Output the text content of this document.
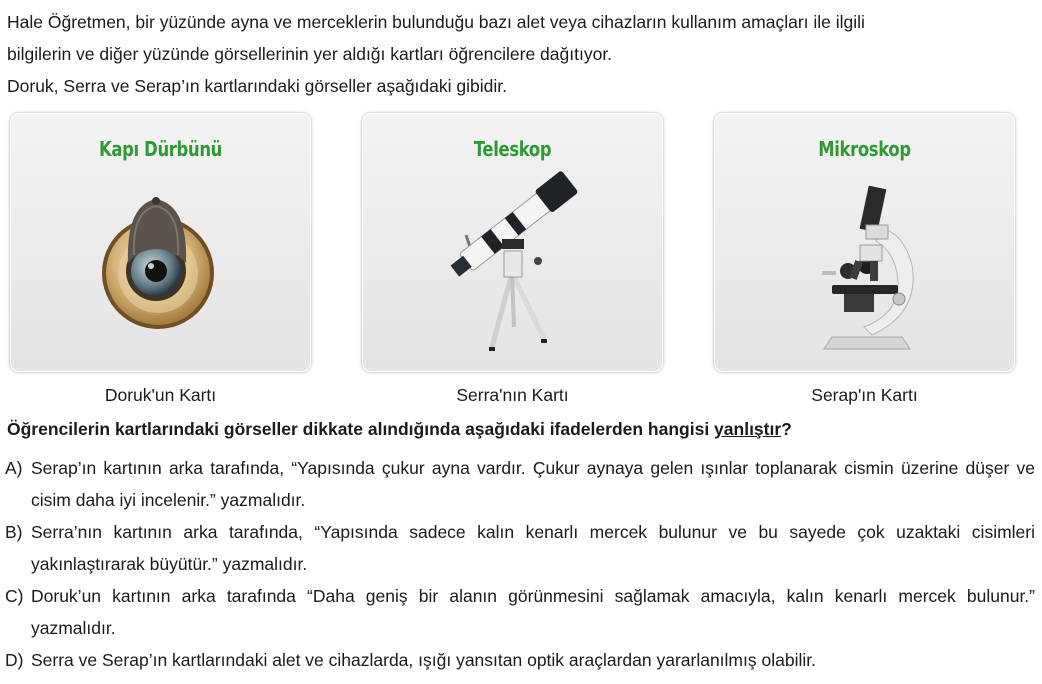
Hale Öğretmen, bir yüzünde ayna ve merceklerin bulunduğu bazı alet veya cihazların kullanım amaçları ile ilgili

bilgilerin ve diğer yüzünde görsellerinin yer aldığı kartları öğrencilere dağıtıyor.

Doruk, Serra ve Serap’ın kartlarındaki görseller aşağıdaki gibidir.

Kapı Dürbünü
Doruk'un Kartı
Teleskop
Serra'nın Kartı
Mikroskop
Serap'ın Kartı
Öğrencilerin kartlarındaki görseller dikkate alındığında aşağıdaki ifadelerden hangisi yanlıştır?
A) Serap’ın kartının arka tarafında, “Yapısında çukur ayna vardır. Çukur aynaya gelen ışınlar toplanarak cismin üzerine düşer ve cisim daha iyi incelenir.” yazmalıdır.
B) Serra’nın kartının arka tarafında, “Yapısında sadece kalın kenarlı mercek bulunur ve bu sayede çok uzaktaki cisimleri yakınlaştırarak büyütür.” yazmalıdır.
C) Doruk’un kartının arka tarafında “Daha geniş bir alanın görünmesini sağlamak amacıyla, kalın kenarlı mercek bulunur.” yazmalıdır.
D) Serra ve Serap’ın kartlarındaki alet ve cihazlarda, ışığı yansıtan optik araçlardan yararlanılmış olabilir.
